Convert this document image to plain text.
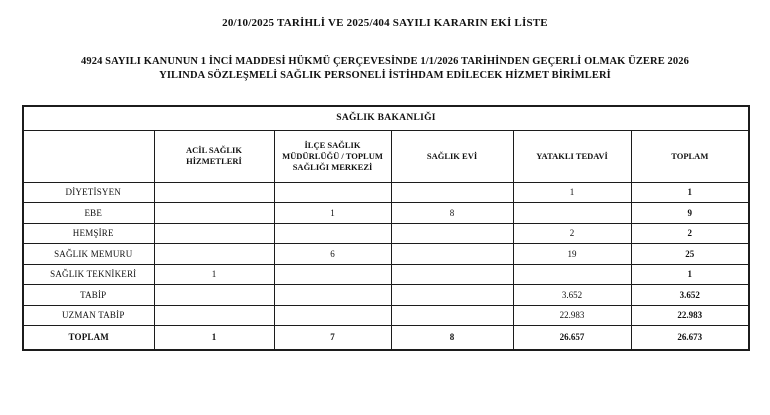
20/10/2025 TARİHLİ VE 2025/404 SAYILI KARARIN EKİ LİSTE
4924 SAYILI KANUNUN 1 İNCİ MADDESİ HÜKMÜ ÇERÇEVESİNDE 1/1/2026 TARİHİNDEN GEÇERLİ OLMAK ÜZERE 2026 YILINDA SÖZLEŞMELİ SAĞLIK PERSONELİ İSTİHDAM EDİLECEK HİZMET BİRİMLERİ
SAĞLIK BAKANLIĞI					
	ACİL SAĞLIK HİZMETLERİ	İLÇE SAĞLIK MÜDÜRLÜĞÜ / TOPLUM SAĞLIĞI MERKEZİ	SAĞLIK EVİ	YATAKLI TEDAVİ	TOPLAM
DİYETİSYEN				1	1
EBE		1	8		9
HEMŞİRE				2	2
SAĞLIK MEMURU		6		19	25
SAĞLIK TEKNİKERİ	1				1
TABİP				3.652	3.652
UZMAN TABİP				22.983	22.983
TOPLAM	1	7	8	26.657	26.673
